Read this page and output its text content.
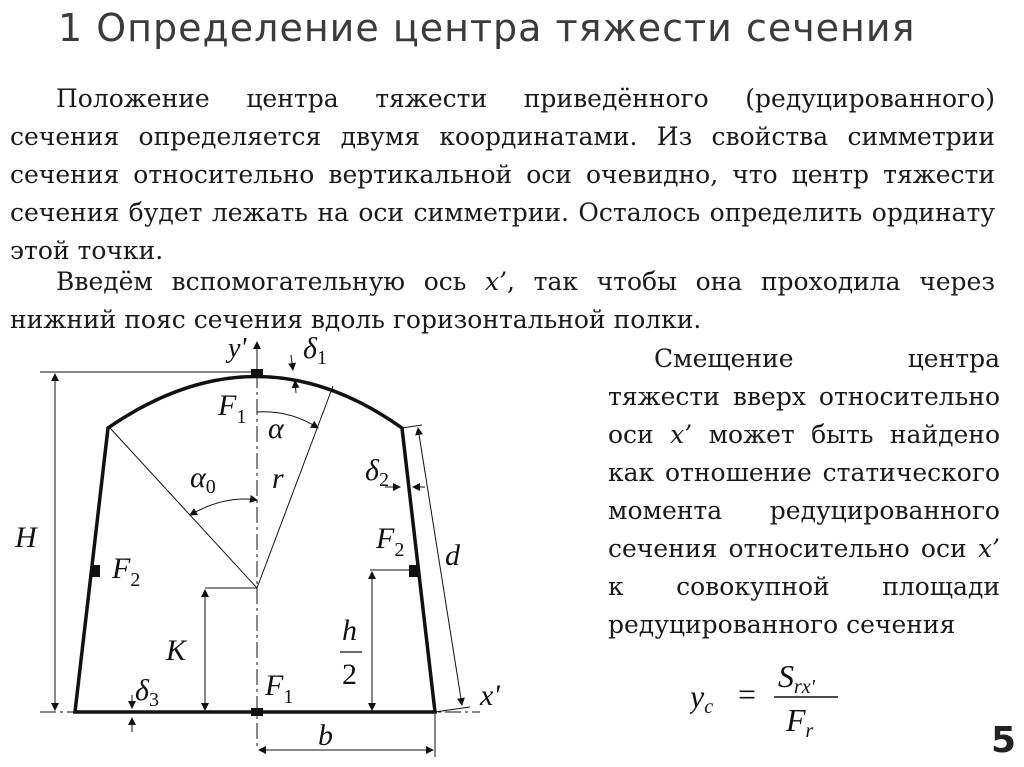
1 Определение центра тяжести сечения
Положение центра тяжести приведённого (редуцированного) сечения определяется двумя координатами. Из свойства симметрии сечения относительно вертикальной оси очевидно, что центр тяжести сечения будет лежать на оси симметрии. Осталось определить ординату этой точки.
Введём вспомогательную ось x’, так чтобы она проходила через нижний пояс сечения вдоль горизонтальной полки.
Смещение центра тяжести вверх относительно оси x’ может быть найдено как отношение статического момента редуцированного сечения относительно оси x’ к совокупной площади редуцированного сечения
y' $\delta_1$
$F_1$ α
$\alpha_0$ r	$\delta_2$
H
$F_2$
$F_2$ d
h
2
K
$\delta_3$	$F_1$	x'
b
yc = Srx'
Fr	5
